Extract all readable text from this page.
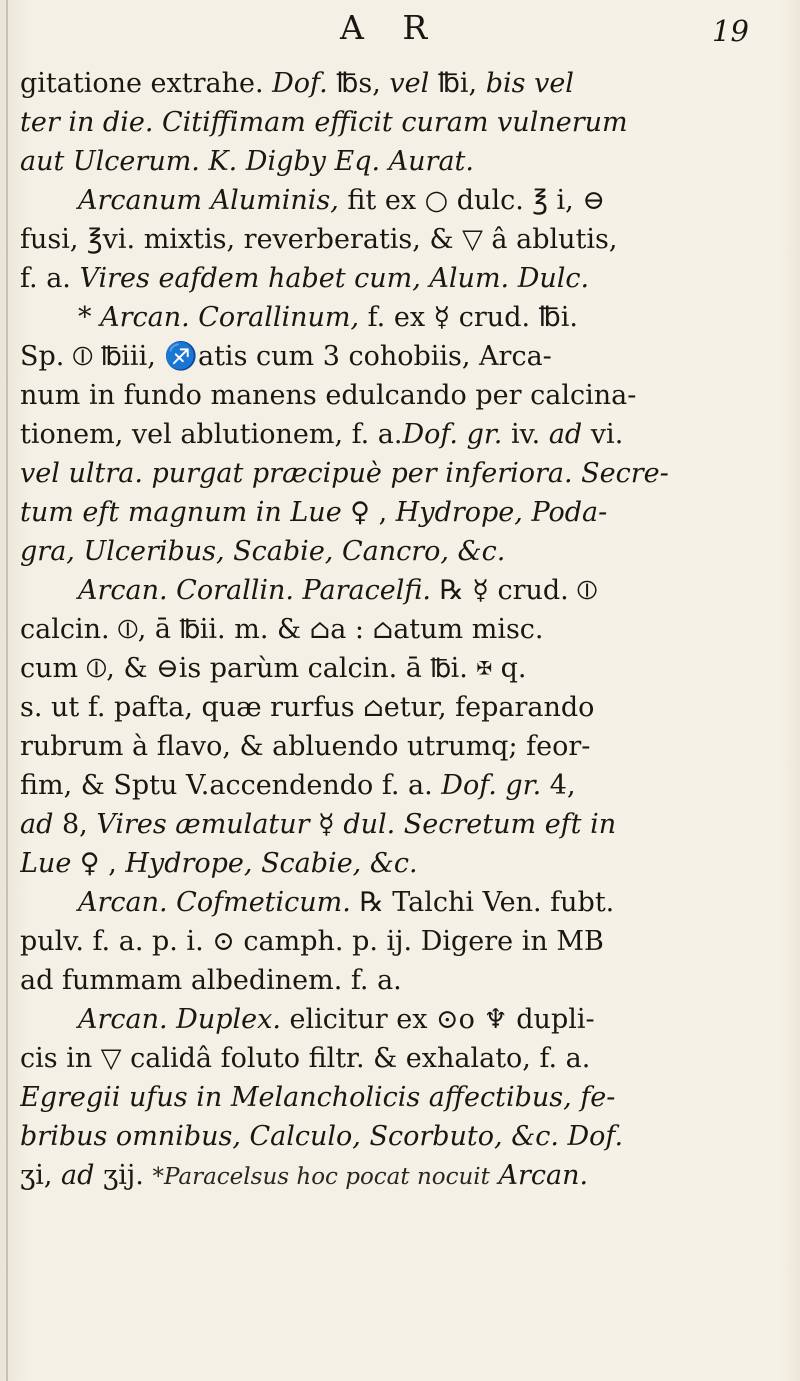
A R	19
gitatione extrahe. Dof. ℔s, vel ℔i, bis vel
ter in die. Citiffimam efficit curam vulnerum
aut Ulcerum. K. Digby Eq. Aurat.
Arcanum Aluminis, fit ex ○ dulc. ℥ i, ⊖
fusi, ℥vi. mixtis, reverberatis, & ▽ â ablutis,
f. a. Vires eafdem habet cum, Alum. Dulc.
* Arcan. Corallinum, f. ex ☿ crud. ℔i.
Sp. ⦶ ℔iii, ♐atis cum 3 cohobiis, Arca-
num in fundo manens edulcando per calcina-
tionem, vel ablutionem, f. a.Dof. gr. iv. ad vi.
vel ultra. purgat præcipuè per inferiora. Secre-
tum eft magnum in Lue ♀ , Hydrope, Poda-
gra, Ulceribus, Scabie, Cancro, &c.
Arcan. Corallin. Paracelfi. ℞ ☿ crud. ⦶
calcin. ⦶, ā ℔ii. m. & ⌂a : ⌂atum misc.
cum ⦶, & ⊖is parùm calcin. ā ℔i. ✠ q.
s. ut f. pafta, quæ rurfus ⌂etur, feparando
rubrum à flavo, & abluendo utrumq; feor-
fim, & Sptu V.accendendo f. a. Dof. gr. 4,
ad 8, Vires æmulatur ☿ dul. Secretum eft in
Lue ♀ , Hydrope, Scabie, &c.
Arcan. Cofmeticum. ℞ Talchi Ven. fubt.
pulv. f. a. p. i. ⊙ camph. p. ij. Digere in MB
ad fummam albedinem. f. a.
Arcan. Duplex. elicitur ex ⊙o ♆ dupli-
cis in ▽ calidâ foluto filtr. & exhalato, f. a.
Egregii ufus in Melancholicis affectibus, fe-
bribus omnibus, Calculo, Scorbuto, &c. Dof.
ʒi, ad ʒij. *Paracelsus hoc pocat nocuit Arcan.
